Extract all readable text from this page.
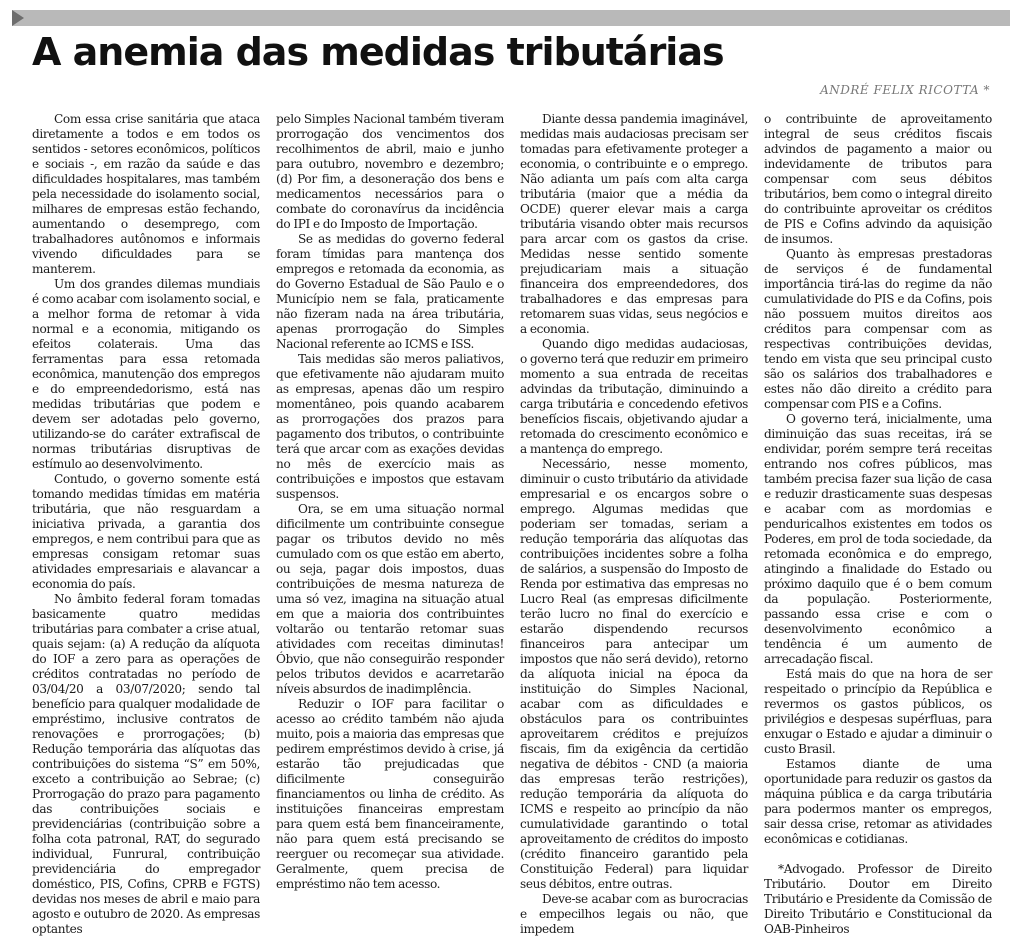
A anemia das medidas tributárias
ANDRÉ FELIX RICOTTA *

Com essa crise sanitária que ataca diretamente a todos e em todos os sentidos - setores econômicos, políticos e sociais -, em razão da saúde e das dificuldades hospitalares, mas também pela necessidade do isolamento social, milhares de empresas estão fechando, aumentando o desemprego, com trabalhadores autônomos e informais vivendo dificuldades para se manterem.

Um dos grandes dilemas mundiais é como acabar com isolamento social, e a melhor forma de retomar à vida normal e a economia, mitigando os efeitos colaterais. Uma das ferramentas para essa retomada econômica, manutenção dos empregos e do empreendedorismo, está nas medidas tributárias que podem e devem ser adotadas pelo governo, utilizando-se do caráter extrafiscal de normas tributárias disruptivas de estímulo ao desenvolvimento.

Contudo, o governo somente está tomando medidas tímidas em matéria tributária, que não resguardam a iniciativa privada, a garantia dos empregos, e nem contribui para que as empresas consigam retomar suas atividades empresariais e alavancar a economia do país.

No âmbito federal foram tomadas basicamente quatro medidas tributárias para combater a crise atual, quais sejam: (a) A redução da alíquota do IOF a zero para as operações de créditos contratadas no período de 03/04/20 a 03/07/2020; sendo tal benefício para qualquer modalidade de empréstimo, inclusive contratos de renovações e prorrogações; (b) Redução temporária das alíquotas das contribuições do sistema “S” em 50%, exceto a contribuição ao Sebrae; (c) Prorrogação do prazo para pagamento das contribuições sociais e previdenciárias (contribuição sobre a folha cota patronal, RAT, do segurado individual, Funrural, contribuição previdenciária do empregador doméstico, PIS, Cofins, CPRB e FGTS) devidas nos meses de abril e maio para agosto e outubro de 2020. As empresas optantes

pelo Simples Nacional também tiveram prorrogação dos vencimentos dos recolhimentos de abril, maio e junho para outubro, novembro e dezembro; (d) Por fim, a desoneração dos bens e medicamentos necessários para o combate do coronavírus da incidência do IPI e do Imposto de Importação.

Se as medidas do governo federal foram tímidas para mantença dos empregos e retomada da economia, as do Governo Estadual de São Paulo e o Município nem se fala, praticamente não fizeram nada na área tributária, apenas prorrogação do Simples Nacional referente ao ICMS e ISS.

Tais medidas são meros paliativos, que efetivamente não ajudaram muito as empresas, apenas dão um respiro momentâneo, pois quando acabarem as prorrogações dos prazos para pagamento dos tributos, o contribuinte terá que arcar com as exações devidas no mês de exercício mais as contribuições e impostos que estavam suspensos.

Ora, se em uma situação normal dificilmente um contribuinte consegue pagar os tributos devido no mês cumulado com os que estão em aberto, ou seja, pagar dois impostos, duas contribuições de mesma natureza de uma só vez, imagina na situação atual em que a maioria dos contribuintes voltarão ou tentarão retomar suas atividades com receitas diminutas! Óbvio, que não conseguirão responder pelos tributos devidos e acarretarão níveis absurdos de inadimplência.

Reduzir o IOF para facilitar o acesso ao crédito também não ajuda muito, pois a maioria das empresas que pedirem empréstimos devido à crise, já estarão tão prejudicadas que dificilmente conseguirão financiamentos ou linha de crédito. As instituições financeiras emprestam para quem está bem financeiramente, não para quem está precisando se reerguer ou recomeçar sua atividade. Geralmente, quem precisa de empréstimo não tem acesso.

Diante dessa pandemia imaginável, medidas mais audaciosas precisam ser tomadas para efetivamente proteger a economia, o contribuinte e o emprego. Não adianta um país com alta carga tributária (maior que a média da OCDE) querer elevar mais a carga tributária visando obter mais recursos para arcar com os gastos da crise. Medidas nesse sentido somente prejudicariam mais a situação financeira dos empreendedores, dos trabalhadores e das empresas para retomarem suas vidas, seus negócios e a economia.

Quando digo medidas audaciosas, o governo terá que reduzir em primeiro momento a sua entrada de receitas advindas da tributação, diminuindo a carga tributária e concedendo efetivos benefícios fiscais, objetivando ajudar a retomada do crescimento econômico e a mantença do emprego.

Necessário, nesse momento, diminuir o custo tributário da atividade empresarial e os encargos sobre o emprego. Algumas medidas que poderiam ser tomadas, seriam a redução temporária das alíquotas das contribuições incidentes sobre a folha de salários, a suspensão do Imposto de Renda por estimativa das empresas no Lucro Real (as empresas dificilmente terão lucro no final do exercício e estarão dispendendo recursos financeiros para antecipar um impostos que não será devido), retorno da alíquota inicial na época da instituição do Simples Nacional, acabar com as dificuldades e obstáculos para os contribuintes aproveitarem créditos e prejuízos fiscais, fim da exigência da certidão negativa de débitos - CND (a maioria das empresas terão restrições), redução temporária da alíquota do ICMS e respeito ao princípio da não cumulatividade garantindo o total aproveitamento de créditos do imposto (crédito financeiro garantido pela Constituição Federal) para liquidar seus débitos, entre outras.

Deve-se acabar com as burocracias e empecilhos legais ou não, que impedem

o contribuinte de aproveitamento integral de seus créditos fiscais advindos de pagamento a maior ou indevidamente de tributos para compensar com seus débitos tributários, bem como o integral direito do contribuinte aproveitar os créditos de PIS e Cofins advindo da aquisição de insumos.

Quanto às empresas prestadoras de serviços é de fundamental importância tirá-las do regime da não cumulatividade do PIS e da Cofins, pois não possuem muitos direitos aos créditos para compensar com as respectivas contribuições devidas, tendo em vista que seu principal custo são os salários dos trabalhadores e estes não dão direito a crédito para compensar com PIS e a Cofins.

O governo terá, inicialmente, uma diminuição das suas receitas, irá se endividar, porém sempre terá receitas entrando nos cofres públicos, mas também precisa fazer sua lição de casa e reduzir drasticamente suas despesas e acabar com as mordomias e penduricalhos existentes em todos os Poderes, em prol de toda sociedade, da retomada econômica e do emprego, atingindo a finalidade do Estado ou próximo daquilo que é o bem comum da população. Posteriormente, passando essa crise e com o desenvolvimento econômico a tendência é um aumento de arrecadação fiscal.

Está mais do que na hora de ser respeitado o princípio da República e revermos os gastos públicos, os privilégios e despesas supérfluas, para enxugar o Estado e ajudar a diminuir o custo Brasil.

Estamos diante de uma oportunidade para reduzir os gastos da máquina pública e da carga tributária para podermos manter os empregos, sair dessa crise, retomar as atividades econômicas e cotidianas.

*Advogado. Professor de Direito Tributário. Doutor em Direito Tributário e Presidente da Comissão de Direito Tributário e Constitucional da OAB-Pinheiros
